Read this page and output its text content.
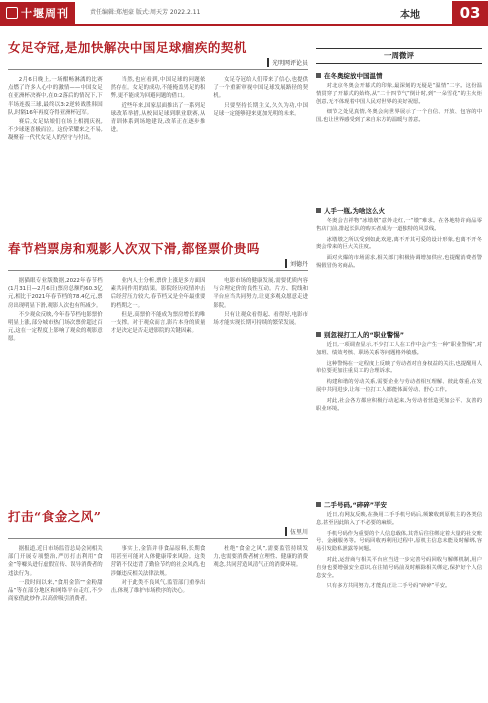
十堰周刊	责任编辑:郑旭豪 版式:周天芳 2022.2.11	本地	03
女足夺冠,是加快解决中国足球痼疾的契机
光明网评论员

2月6日晚上,一场酣畅淋漓的比赛点燃了许多人心中的激情——中国女足在亚洲杯决赛中,在0:2落后的情况下,下半场连扳三球,最终以3:2逆转战胜韩国队,时隔16年再度夺得亚洲杯冠军。

赛后,女足姑娘们在场上相拥庆祝,不少球迷喜极而泣。这份荣耀来之不易,凝聚着一代代女足人的坚守与付出。

当然,也应看到,中国足球的问题依然存在。女足的成功,不能掩盖男足的积弊,更不能成为回避问题的借口。

近些年来,国家层面推出了一系列足球改革举措,从校园足球到职业联赛,从青训体系到场地建设,改革正在逐步推进。

女足夺冠给人们带来了信心,也提供了一个重新审视中国足球发展路径的契机。

只要坚持长期主义,久久为功,中国足球一定能够迎来更加光明的未来。

春节档票房和观影人次双下滑,都怪票价贵吗
刘德丹

据猫眼专业版数据,2022年春节档(1月31日—2月6日)票房总额约60.3亿元,相比于2021年春节档的78.4亿元,票房出现明显下滑,观影人次也有所减少。

不少观众反映,今年春节档电影票价明显上涨,部分城市热门场次票价超过百元,这在一定程度上影响了观众的观影意愿。

业内人士分析,票价上涨是多方面因素共同作用的结果。影院经历疫情冲击后经营压力较大,春节档又是全年最重要的档期之一。

但是,高票价不能成为票房增长的唯一支撑。对于观众而言,影片本身的质量才是决定是否走进影院的关键因素。

电影市场的健康发展,需要优质内容与合理定价的良性互动。片方、院线和平台应当共同努力,让更多观众愿意走进影院。

只有让观众看得起、看得好,电影市场才能实现长期可持续的繁荣发展。

打击“食金之风”
伍里川

据报道,近日市场监管总局会同相关部门开展专项整治,严厉打击利用“食金”等噱头进行虚假宣传、误导消费者的违法行为。

一段时间以来,“食用金箔”“金粉甜品”等在部分地区和网络平台走红,不少商家借此炒作,以高价吸引消费者。

事实上,金箔并非食品原料,长期食用甚至可能对人体健康带来风险。这类营销不仅违背了勤俭节约的社会风尚,也涉嫌违反相关法律法规。

对于此类不良风气,监管部门重拳出击,体现了维护市场秩序的决心。

杜绝“食金之风”,需要监管持续发力,也需要消费者树立理性、健康的消费观念,共同营造风清气正的消费环境。

一周微评
在冬奥绽放中国温情

对北京冬奥会开幕式的印象,最深刻的无疑是“温情”二字。这份温情贯穿了开幕式的始终,从“二十四节气”倒计时,到“一朵雪花”的主火炬创意,无不体现着中国人民对世界的美好祝愿。

细节之处见真情,冬奥会向世界展示了一个自信、开放、包容的中国,也让世界感受到了来自东方的温暖与善意。

人手一瓶,为啥这么火

冬奥会吉祥物“冰墩墩”意外走红,一“墩”难求。在各地特许商品零售店门前,排起长队的购买者成为一道独特的风景线。

冰墩墩之所以受到如此欢迎,离不开其可爱的设计形象,也离不开冬奥会带来的巨大关注度。

面对火爆的市场需求,相关部门积极协调增加供应,也提醒消费者警惕假冒伪劣商品。

别忽视打工人的“职业警惕”

近日,一项调查显示,不少打工人在工作中会产生一种“职业警惕”,对加班、绩效考核、职场关系等问题格外敏感。

这种警惕在一定程度上反映了劳动者对自身权益的关注,也提醒用人单位要更加注重员工的合理诉求。

构建和谐的劳动关系,需要企业与劳动者相互理解、彼此尊重,在发展中共同进步,让每一位打工人都能体面劳动、舒心工作。

对此,社会各方都应积极行动起来,为劳动者营造更加公平、友善的职业环境。

二手号码,“碎碎”平安

近日,有网友反映,在换用二手手机号码后,频繁收到原机主的各类信息,甚至因此陷入了不必要的麻烦。

手机号码作为重要的个人信息载体,其背后往往绑定着大量的社交账号、金融服务等。号码回收再利用过程中,原机主信息未能及时解绑,容易引发隐私泄露等问题。

对此,运营商与相关平台应当进一步完善号码回收与解绑机制,用户自身也要增强安全意识,在注销号码前及时解除相关绑定,保护好个人信息安全。

只有多方共同努力,才能真正让二手号码“碎碎”平安。
